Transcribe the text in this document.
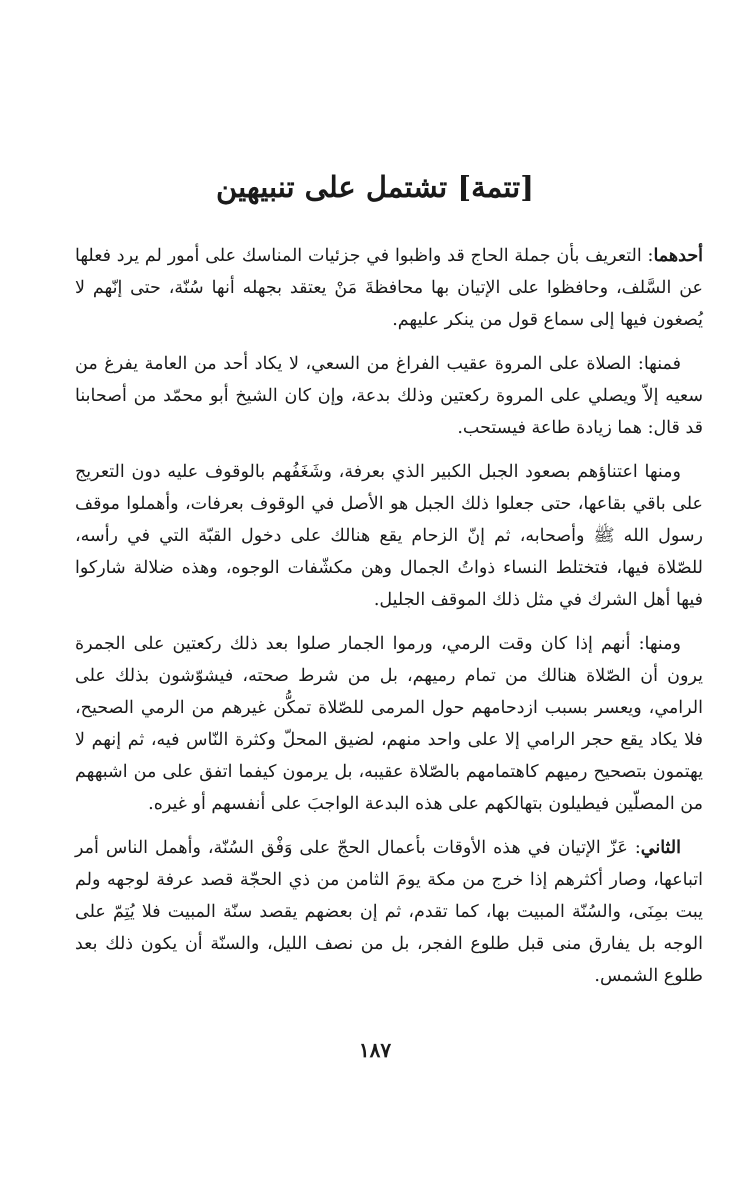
[تتمة] تشتمل على تنبيهين

أحدهما: التعريف بأن جملة الحاج قد واظبوا في جزئيات المناسك على أمور لم يرد فعلها عن السَّلف، وحافظوا على الإتيان بها محافظةَ مَنْ يعتقد بجهله أنها سُنّة، حتى إنّهم لا يُصغون فيها إلى سماع قول من ينكر عليهم.

فمنها: الصلاة على المروة عقيب الفراغ من السعي، لا يكاد أحد من العامة يفرغ من سعيه إلاّ ويصلي على المروة ركعتين وذلك بدعة، وإن كان الشيخ أبو محمّد من أصحابنا قد قال: هما زيادة طاعة فيستحب.

ومنها اعتناؤهم بصعود الجبل الكبير الذي بعرفة، وشَغَفُهم بالوقوف عليه دون التعريج على باقي بقاعها، حتى جعلوا ذلك الجبل هو الأصل في الوقوف بعرفات، وأهملوا موقف رسول الله ﷺ وأصحابه، ثم إنّ الزحام يقع هنالك على دخول القبّة التي في رأسه، للصّلاة فيها، فتختلط النساء ذواتُ الجمال وهن مكشّفات الوجوه، وهذه ضلالة شاركوا فيها أهل الشرك في مثل ذلك الموقف الجليل.

ومنها: أنهم إذا كان وقت الرمي، ورموا الجمار صلوا بعد ذلك ركعتين على الجمرة يرون أن الصّلاة هنالك من تمام رميهم، بل من شرط صحته، فيشوّشون بذلك على الرامي، ويعسر بسبب ازدحامهم حول المرمى للصّلاة تمكُّن غيرهم من الرمي الصحيح، فلا يكاد يقع حجر الرامي إلا على واحد منهم، لضيق المحلّ وكثرة النّاس فيه، ثم إنهم لا يهتمون بتصحيح رميهم كاهتمامهم بالصّلاة عقيبه، بل يرمون كيفما اتفق على من اشبههم من المصلّين فيطيلون بتهالكهم على هذه البدعة الواجبَ على أنفسهم أو غيره.

الثاني: عَزّ الإتيان في هذه الأوقات بأعمال الحجّ على وَفْق السُنّة، وأهمل الناس أمر اتباعها، وصار أكثرهم إذا خرج من مكة يومَ الثامن من ذي الحجّة قصد عرفة لوجهه ولم يبت بمِنَى، والسُنّة المبيت بها، كما تقدم، ثم إن بعضهم يقصد سنّة المبيت فلا يُتِمّ على الوجه بل يفارق منى قبل طلوع الفجر، بل من نصف الليل، والسنّة أن يكون ذلك بعد طلوع الشمس.

١٨٧
